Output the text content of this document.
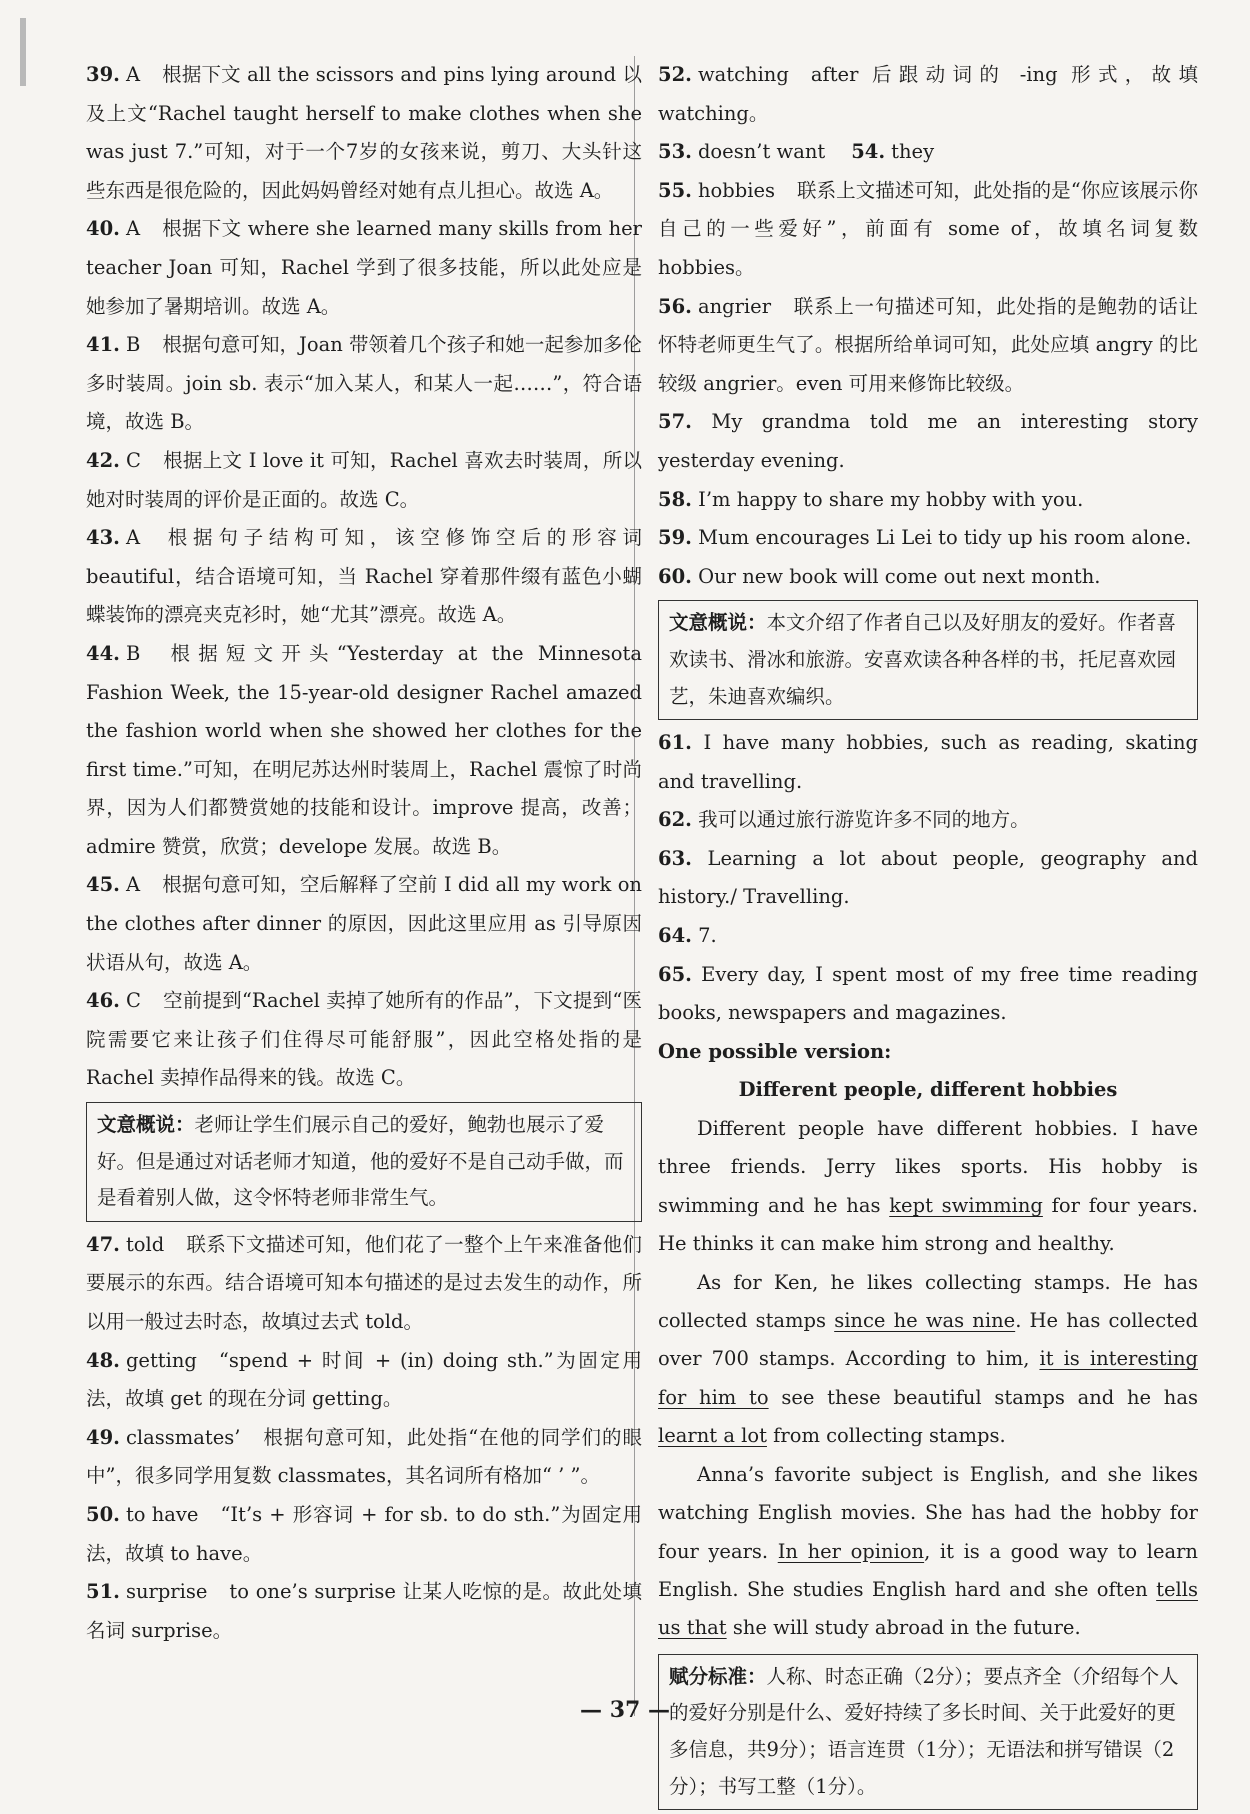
39. A 根据下文 all the scissors and pins lying around 以及上文“Rachel taught herself to make clothes when she was just 7.”可知，对于一个7岁的女孩来说，剪刀、大头针这些东西是很危险的，因此妈妈曾经对她有点儿担心。故选 A。

40. A 根据下文 where she learned many skills from her teacher Joan 可知，Rachel 学到了很多技能，所以此处应是她参加了暑期培训。故选 A。

41. B 根据句意可知，Joan 带领着几个孩子和她一起参加多伦多时装周。join sb. 表示“加入某人，和某人一起……”，符合语境，故选 B。

42. C 根据上文 I love it 可知，Rachel 喜欢去时装周，所以她对时装周的评价是正面的。故选 C。

43. A 根据句子结构可知，该空修饰空后的形容词 beautiful，结合语境可知，当 Rachel 穿着那件缀有蓝色小蝴蝶装饰的漂亮夹克衫时，她“尤其”漂亮。故选 A。

44. B 根据短文开头“Yesterday at the Minnesota Fashion Week, the 15-year-old designer Rachel amazed the fashion world when she showed her clothes for the first time.”可知，在明尼苏达州时装周上，Rachel 震惊了时尚界，因为人们都赞赏她的技能和设计。improve 提高，改善；admire 赞赏，欣赏；develope 发展。故选 B。

45. A 根据句意可知，空后解释了空前 I did all my work on the clothes after dinner 的原因，因此这里应用 as 引导原因状语从句，故选 A。

46. C 空前提到“Rachel 卖掉了她所有的作品”，下文提到“医院需要它来让孩子们住得尽可能舒服”，因此空格处指的是 Rachel 卖掉作品得来的钱。故选 C。

文意概说：老师让学生们展示自己的爱好，鲍勃也展示了爱好。但是通过对话老师才知道，他的爱好不是自己动手做，而是看着别人做，这令怀特老师非常生气。

47. told 联系下文描述可知，他们花了一整个上午来准备他们要展示的东西。结合语境可知本句描述的是过去发生的动作，所以用一般过去时态，故填过去式 told。

48. getting “spend + 时间 + (in) doing sth.”为固定用法，故填 get 的现在分词 getting。

49. classmates’ 根据句意可知，此处指“在他的同学们的眼中”，很多同学用复数 classmates，其名词所有格加“ ’ ”。

50. to have “It’s + 形容词 + for sb. to do sth.”为固定用法，故填 to have。

51. surprise to one’s surprise 让某人吃惊的是。故此处填名词 surprise。

52. watching after 后跟动词的 -ing 形式，故填 watching。

53. doesn’t want 54. they

55. hobbies 联系上文描述可知，此处指的是“你应该展示你自己的一些爱好”，前面有 some of，故填名词复数 hobbies。

56. angrier 联系上一句描述可知，此处指的是鲍勃的话让怀特老师更生气了。根据所给单词可知，此处应填 angry 的比较级 angrier。even 可用来修饰比较级。

57. My grandma told me an interesting story yesterday evening.

58. I’m happy to share my hobby with you.

59. Mum encourages Li Lei to tidy up his room alone.

60. Our new book will come out next month.

文意概说：本文介绍了作者自己以及好朋友的爱好。作者喜欢读书、滑冰和旅游。安喜欢读各种各样的书，托尼喜欢园艺，朱迪喜欢编织。

61. I have many hobbies, such as reading, skating and travelling.

62. 我可以通过旅行游览许多不同的地方。

63. Learning a lot about people, geography and history./ Travelling.

64. 7.

65. Every day, I spent most of my free time reading books, newspapers and magazines.

One possible version:
Different people, different hobbies

Different people have different hobbies. I have three friends. Jerry likes sports. His hobby is swimming and he has kept swimming for four years. He thinks it can make him strong and healthy.

As for Ken, he likes collecting stamps. He has collected stamps since he was nine. He has collected over 700 stamps. According to him, it is interesting for him to see these beautiful stamps and he has learnt a lot from collecting stamps.

Anna’s favorite subject is English, and she likes watching English movies. She has had the hobby for four years. In her opinion, it is a good way to learn English. She studies English hard and she often tells us that she will study abroad in the future.

赋分标准：人称、时态正确（2分）；要点齐全（介绍每个人的爱好分别是什么、爱好持续了多长时间、关于此爱好的更多信息，共9分）；语言连贯（1分）；无语法和拼写错误（2分）；书写工整（1分）。
— 37 —
